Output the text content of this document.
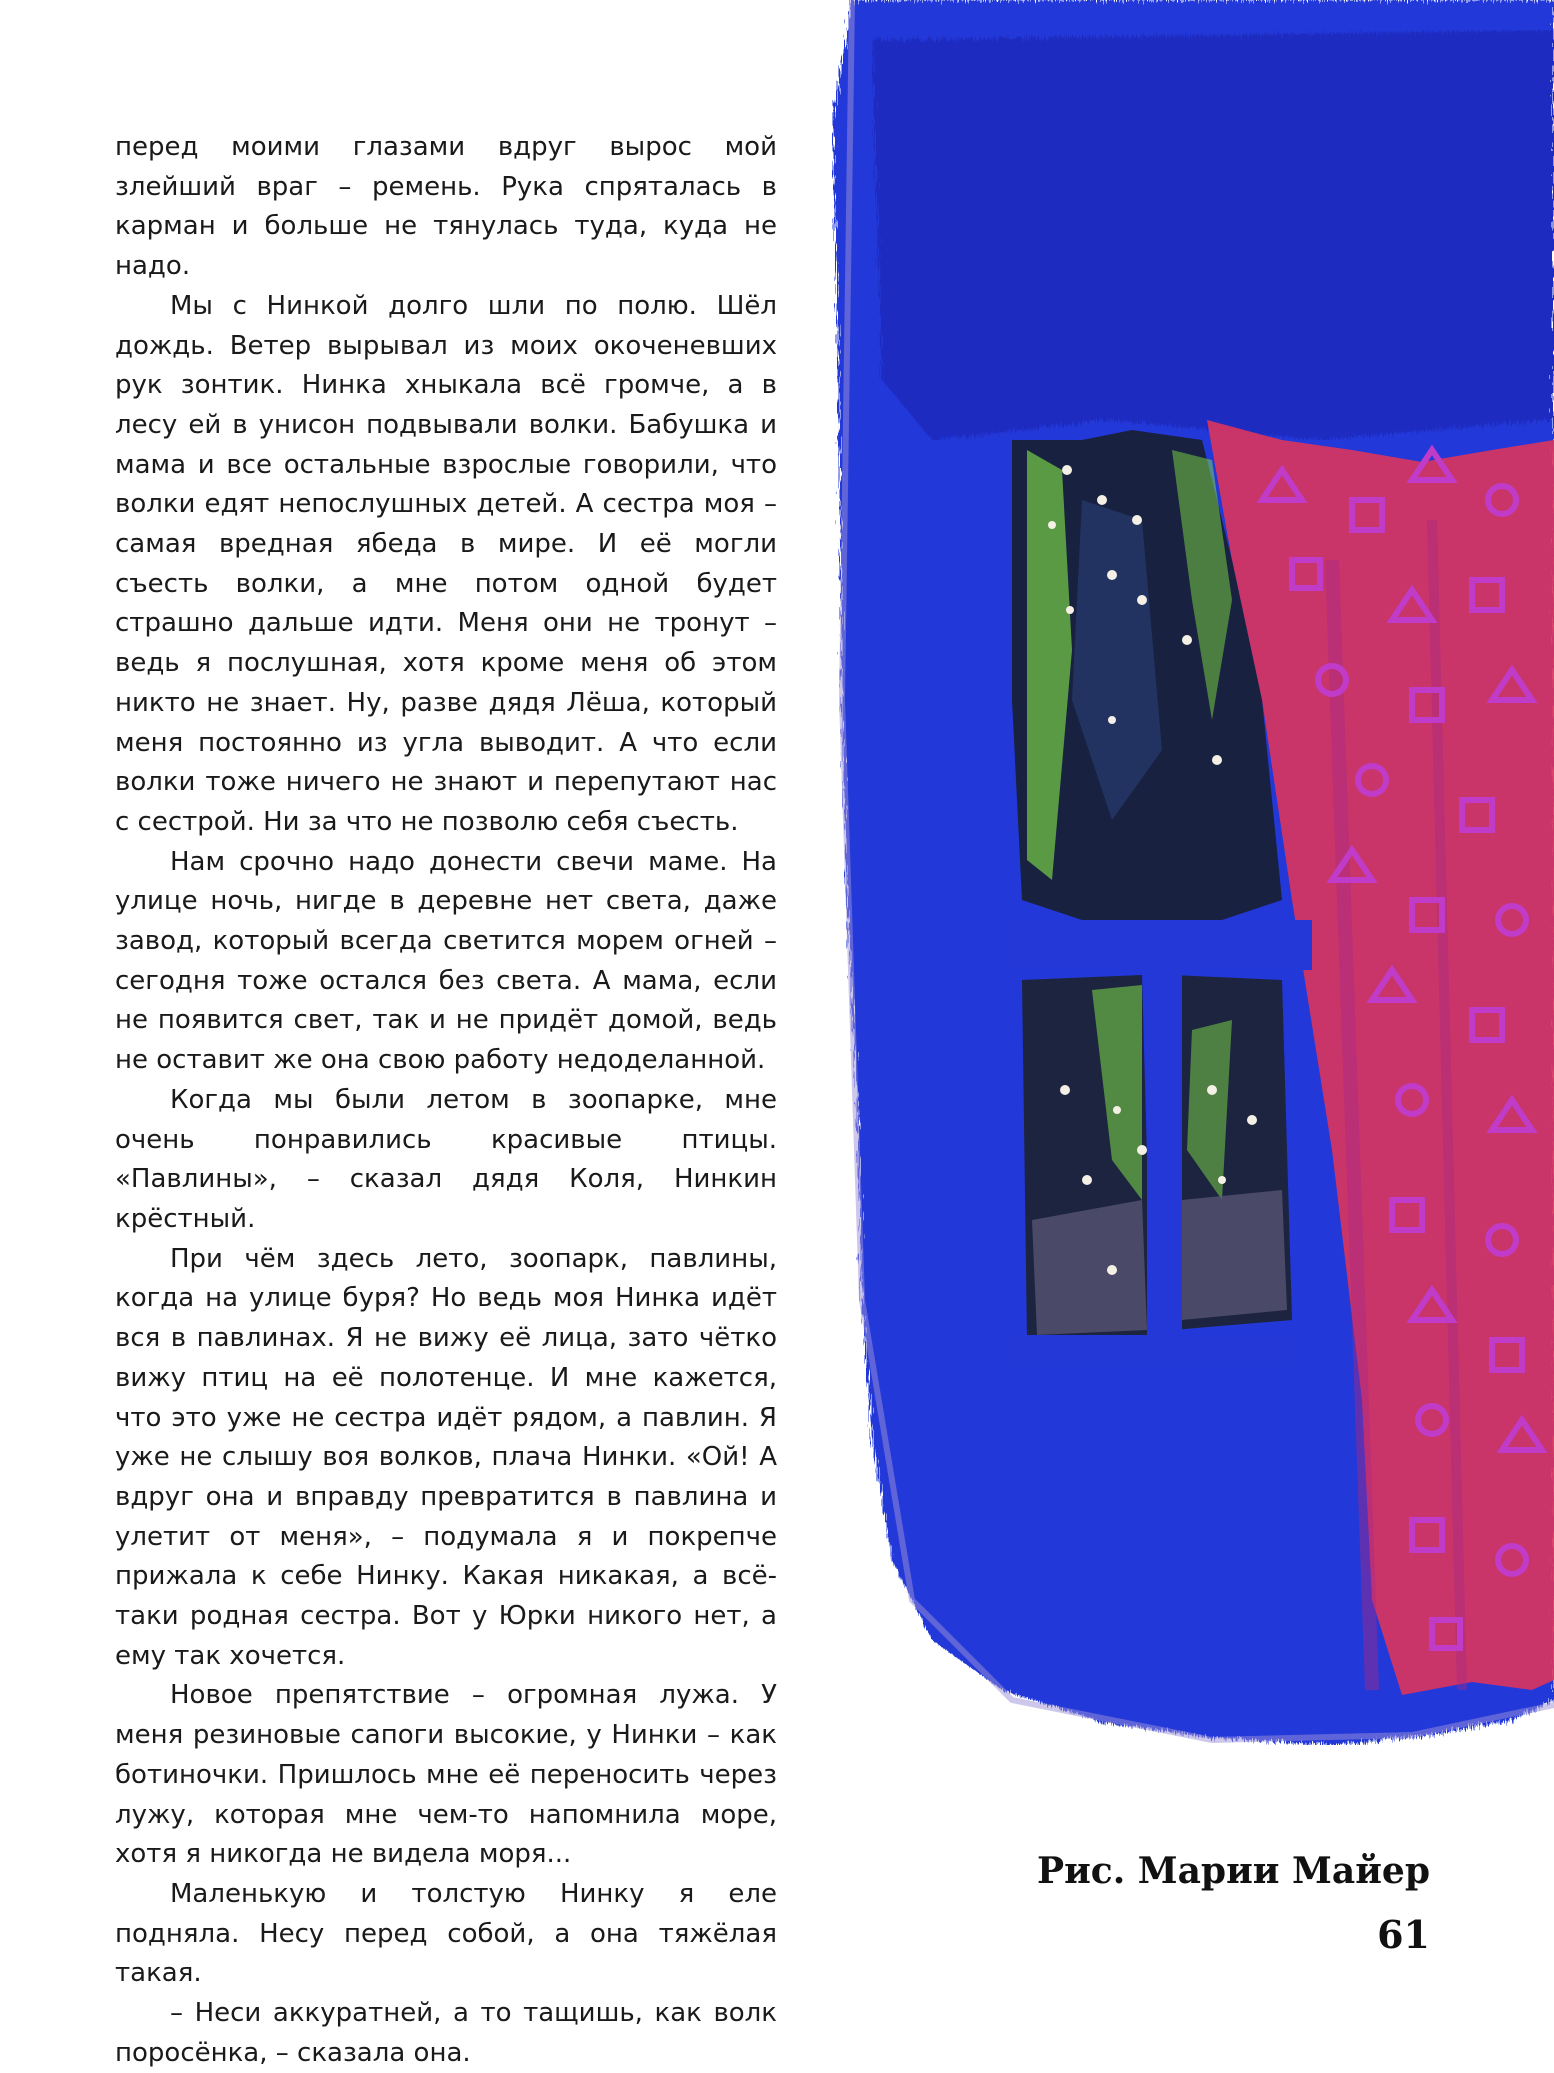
перед моими глазами вдруг вырос мой злейший враг – ремень. Рука спряталась в карман и больше не тянулась туда, куда не надо.

Мы с Нинкой долго шли по полю. Шёл дождь. Ветер вырывал из моих окоченевших рук зонтик. Нинка хныкала всё громче, а в лесу ей в унисон подвывали волки. Бабушка и мама и все остальные взрослые говорили, что волки едят непослушных детей. А сестра моя – самая вредная ябеда в мире. И её могли съесть волки, а мне потом одной будет страшно дальше идти. Меня они не тронут – ведь я послушная, хотя кроме меня об этом никто не знает. Ну, разве дядя Лёша, который меня постоянно из угла выводит. А что если волки тоже ничего не знают и перепутают нас с сестрой. Ни за что не позволю себя съесть.

Нам срочно надо донести свечи маме. На улице ночь, нигде в деревне нет света, даже завод, который всегда светится морем огней – сегодня тоже остался без света. А мама, если не появится свет, так и не придёт домой, ведь не оставит же она свою работу недоделанной.

Когда мы были летом в зоопарке, мне очень понравились красивые птицы. «Павлины», – сказал дядя Коля, Нинкин крёстный.

При чём здесь лето, зоопарк, павлины, когда на улице буря? Но ведь моя Нинка идёт вся в павлинах. Я не вижу её лица, зато чётко вижу птиц на её полотенце. И мне кажется, что это уже не сестра идёт рядом, а павлин. Я уже не слышу воя волков, плача Нинки. «Ой! А вдруг она и вправду превратится в павлина и улетит от меня», – подумала я и покрепче прижала к себе Нинку. Какая никакая, а всё-таки родная сестра. Вот у Юрки никого нет, а ему так хочется.

Новое препятствие – огромная лужа. У меня резиновые сапоги высокие, у Нинки – как ботиночки. Пришлось мне её переносить через лужу, которая мне чем-то напомнила море, хотя я никогда не видела моря...

Маленькую и толстую Нинку я еле подняла. Несу перед собой, а она тяжёлая такая.

– Неси аккуратней, а то тащишь, как волк поросёнка, – сказала она.

Рис. Марии Майер
61
